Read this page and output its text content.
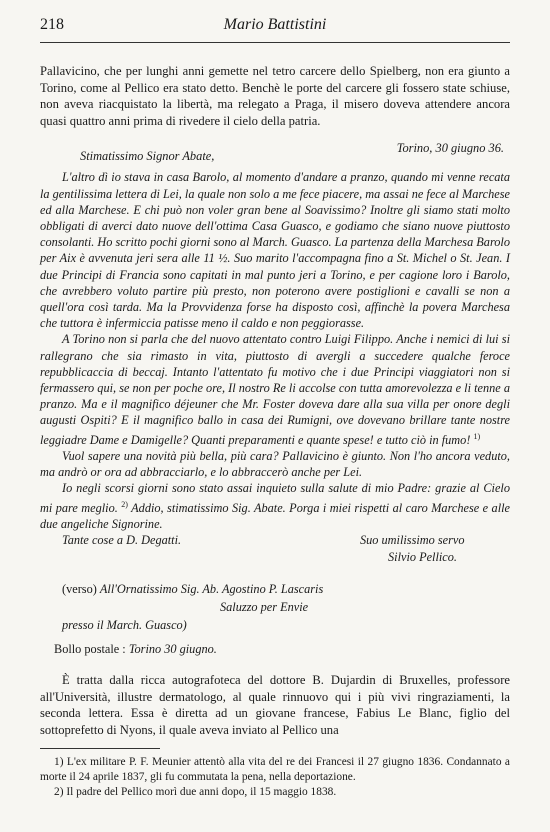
218	Mario Battistini

Pallavicino, che per lunghi anni gemette nel tetro carcere dello Spielberg, non era giunto a Torino, come al Pellico era stato detto. Benchè le porte del carcere gli fossero state schiuse, non aveva riacquistato la libertà, ma relegato a Praga, il misero doveva attendere ancora quasi quattro anni prima di rivedere il cielo della patria.

Stimatissimo Signor Abate,
Torino, 30 giugno 36.

L'altro dì io stava in casa Barolo, al momento d'andare a pranzo, quando mi venne recata la gentilissima lettera di Lei, la quale non solo a me fece piacere, ma assai ne fece al Marchese ed alla Marchese. E chi può non voler gran bene al Soavissimo? Inoltre gli siamo stati molto obbligati di averci dato nuove dell'ottima Casa Guasco, e godiamo che siano nuove piuttosto consolanti. Ho scritto pochi giorni sono al March. Guasco. La partenza della Marchesa Barolo per Aix è avvenuta jeri sera alle 11 ½. Suo marito l'accompagna fino a St. Michel o St. Jean. I due Principi di Francia sono capitati in mal punto jeri a Torino, e per cagione loro i Barolo, che avrebbero voluto partire più presto, non poterono avere postiglioni e cavalli se non a quell'ora così tarda. Ma la Provvidenza forse ha disposto così, affinchè la povera Marchesa che tuttora è infermiccia patisse meno il caldo e non peggiorasse.

A Torino non si parla che del nuovo attentato contro Luigi Filippo. Anche i nemici di lui si rallegrano che sia rimasto in vita, piuttosto di avergli a succedere qualche feroce repubblicaccia di beccaj. Intanto l'attentato fu motivo che i due Principi viaggiatori non si fermassero qui, se non per poche ore, Il nostro Re li accolse con tutta amorevolezza e li tenne a pranzo. Ma e il magnifico déjeuner che Mr. Foster doveva dare alla sua villa per onore degli augusti Ospiti? E il magnifico ballo in casa dei Rumigni, ove dovevano brillare tante nostre leggiadre Dame e Damigelle? Quanti preparamenti e quante spese! e tutto ciò in fumo! $^{1)}$

Vuol sapere una novità più bella, più cara? Pallavicino è giunto. Non l'ho ancora veduto, ma andrò or ora ad abbracciarlo, e lo abbraccerò anche per Lei.

Io negli scorsi giorni sono stato assai inquieto sulla salute di mio Padre: grazie al Cielo mi pare meglio. $^{2)}$ Addio, stimatissimo Sig. Abate. Porga i miei rispetti al caro Marchese e alle due angeliche Signorine.

Tante cose a D. Degatti.	Suo umilissimo servo
Silvio Pellico.
(verso) All'Ornatissimo Sig. Ab. Agostino P. Lascaris
Saluzzo per Envie
presso il March. Guasco)
Bollo postale : Torino 30 giugno.

È tratta dalla ricca autografoteca del dottore B. Dujardin di Bruxelles, professore all'Università, illustre dermatologo, al quale rinnuovo qui i più vivi ringraziamenti, la seconda lettera. Essa è diretta ad un giovane francese, Fabius Le Blanc, figlio del sottoprefetto di Nyons, il quale aveva inviato al Pellico una

1) L'ex militare P. F. Meunier attentò alla vita del re dei Francesi il 27 giugno 1836. Condannato a morte il 24 aprile 1837, gli fu commutata la pena, nella deportazione.

2) Il padre del Pellico morì due anni dopo, il 15 maggio 1838.
